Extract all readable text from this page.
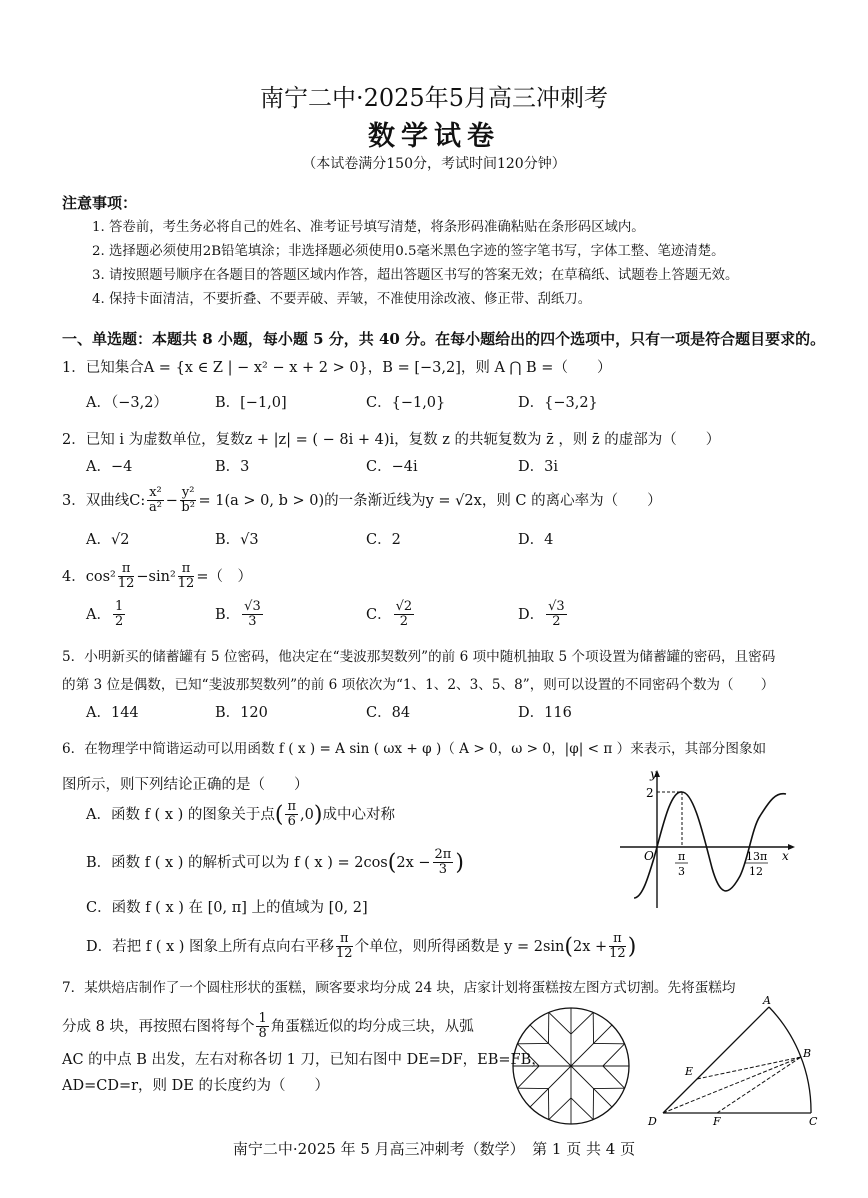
南宁二中·2025年5月高三冲刺考
数学试卷
（本试卷满分150分，考试时间120分钟）
注意事项：
1. 答卷前，考生务必将自己的姓名、准考证号填写清楚，将条形码准确粘贴在条形码区域内。
2. 选择题必须使用2B铅笔填涂；非选择题必须使用0.5毫米黑色字迹的签字笔书写，字体工整、笔迹清楚。
3. 请按照题号顺序在各题目的答题区域内作答，超出答题区书写的答案无效；在草稿纸、试题卷上答题无效。
4. 保持卡面清洁，不要折叠、不要弄破、弄皱，不准使用涂改液、修正带、刮纸刀。
一、单选题：本题共 8 小题，每小题 5 分，共 40 分。在每小题给出的四个选项中，只有一项是符合题目要求的。
1．已知集合A = {x ∈ Z | − x² − x + 2 > 0}，B = [−3,2]，则 A ⋂ B =（　　）
A．（−3,2）	B．[−1,0]	C．{−1,0}	D．{−3,2}
2．已知 i 为虚数单位，复数z + |z| = ( − 8i + 4)i，复数 z 的共轭复数为 z̄ ，则 z̄ 的虚部为（　　）
A．−4	B．3	C．−4i	D．3i
3．双曲线C: $\frac{\text{x²}}{\text{a²}} - \frac{\text{y²}}{\text{b²}} = 1(a > 0$, b > 0)的一条渐近线为y = √2x，则 C 的离心率为（　　）
A．√2	B．√3	C．2	D．4
4．$\cos^2 \frac{\pi}{12} -\sin^2 \frac{\pi}{12}$ =（　）
A． $\frac{1}{2}$	B． $\frac{√3}{3}$	C． $\frac{√2}{2}$	D． $\frac{√3}{2}$
5．小明新买的储蓄罐有 5 位密码，他决定在“斐波那契数列”的前 6 项中随机抽取 5 个项设置为储蓄罐的密码，且密码
的第 3 位是偶数，已知“斐波那契数列”的前 6 项依次为“1、1、2、3、5、8”，则可以设置的不同密码个数为（　　）
A．144	B．120	C．84	D．116
6．在物理学中简谐运动可以用函数 f ( x ) = A sin ( ωx + φ )（ A > 0，ω > 0，|φ| < π ）来表示，其部分图象如
图所示，则下列结论正确的是（　　）
A．函数 f ( x ) 的图象关于点( $\frac{\pi}{6} ,0$)成中心对称
B．函数 f ( x ) 的解析式可以为 f ( x ) = $2\cos(2x - \frac{2\pi}{3}$ )
C．函数 f ( x ) 在 [0, π] 上的值域为 [0, 2]
D．若把 f ( x ) 图象上所有点向右平移 $\frac{\pi}{12}$ 个单位，则所得函数是 $y = 2\sin(2x + \frac{\pi}{12}$ )
y
x
O
2
π
3
13π
12
7．某烘焙店制作了一个圆柱形状的蛋糕，顾客要求均分成 24 块，店家计划将蛋糕按左图方式切割。先将蛋糕均
分成 8 块，再按照右图将每个 $\frac{1}{8}$ 角蛋糕近似的均分成三块，从弧
AC 的中点 B 出发，左右对称各切 1 刀，已知右图中 DE=DF，EB=FB，
AD=CD=r，则 DE 的长度约为（　　）
A
B
C
D
E
F
南宁二中·2025 年 5 月高三冲刺考（数学）　第 1 页 共 4 页
